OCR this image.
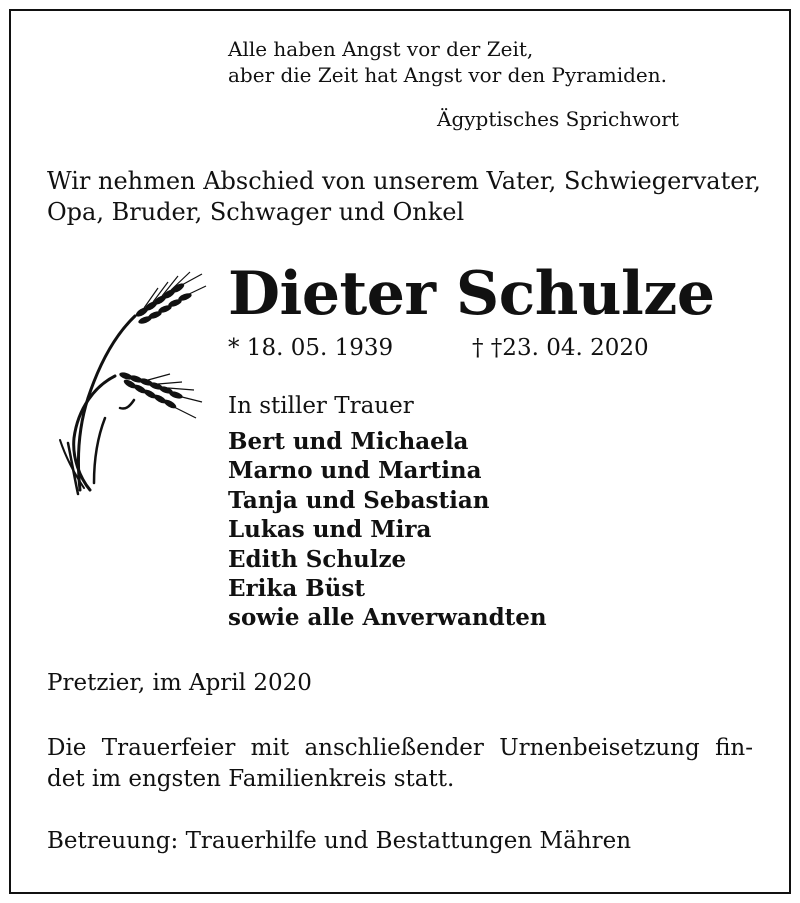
Alle haben Angst vor der Zeit,
aber die Zeit hat Angst vor den Pyramiden.
Ägyptisches Sprichwort
Wir nehmen Abschied von unserem Vater, Schwiegervater,
Opa, Bruder, Schwager und Onkel
Dieter Schulze
* 18. 05. 1939	† †23. 04. 2020
In stiller Trauer
Bert und Michaela
Marno und Martina
Tanja und Sebastian
Lukas und Mira
Edith Schulze
Erika Büst
sowie alle Anverwandten
Pretzier, im April 2020
Die Trauerfeier mit anschließender Urnenbeisetzung fin-
det im engsten Familienkreis statt.
Betreuung: Trauerhilfe und Bestattungen Mähren
